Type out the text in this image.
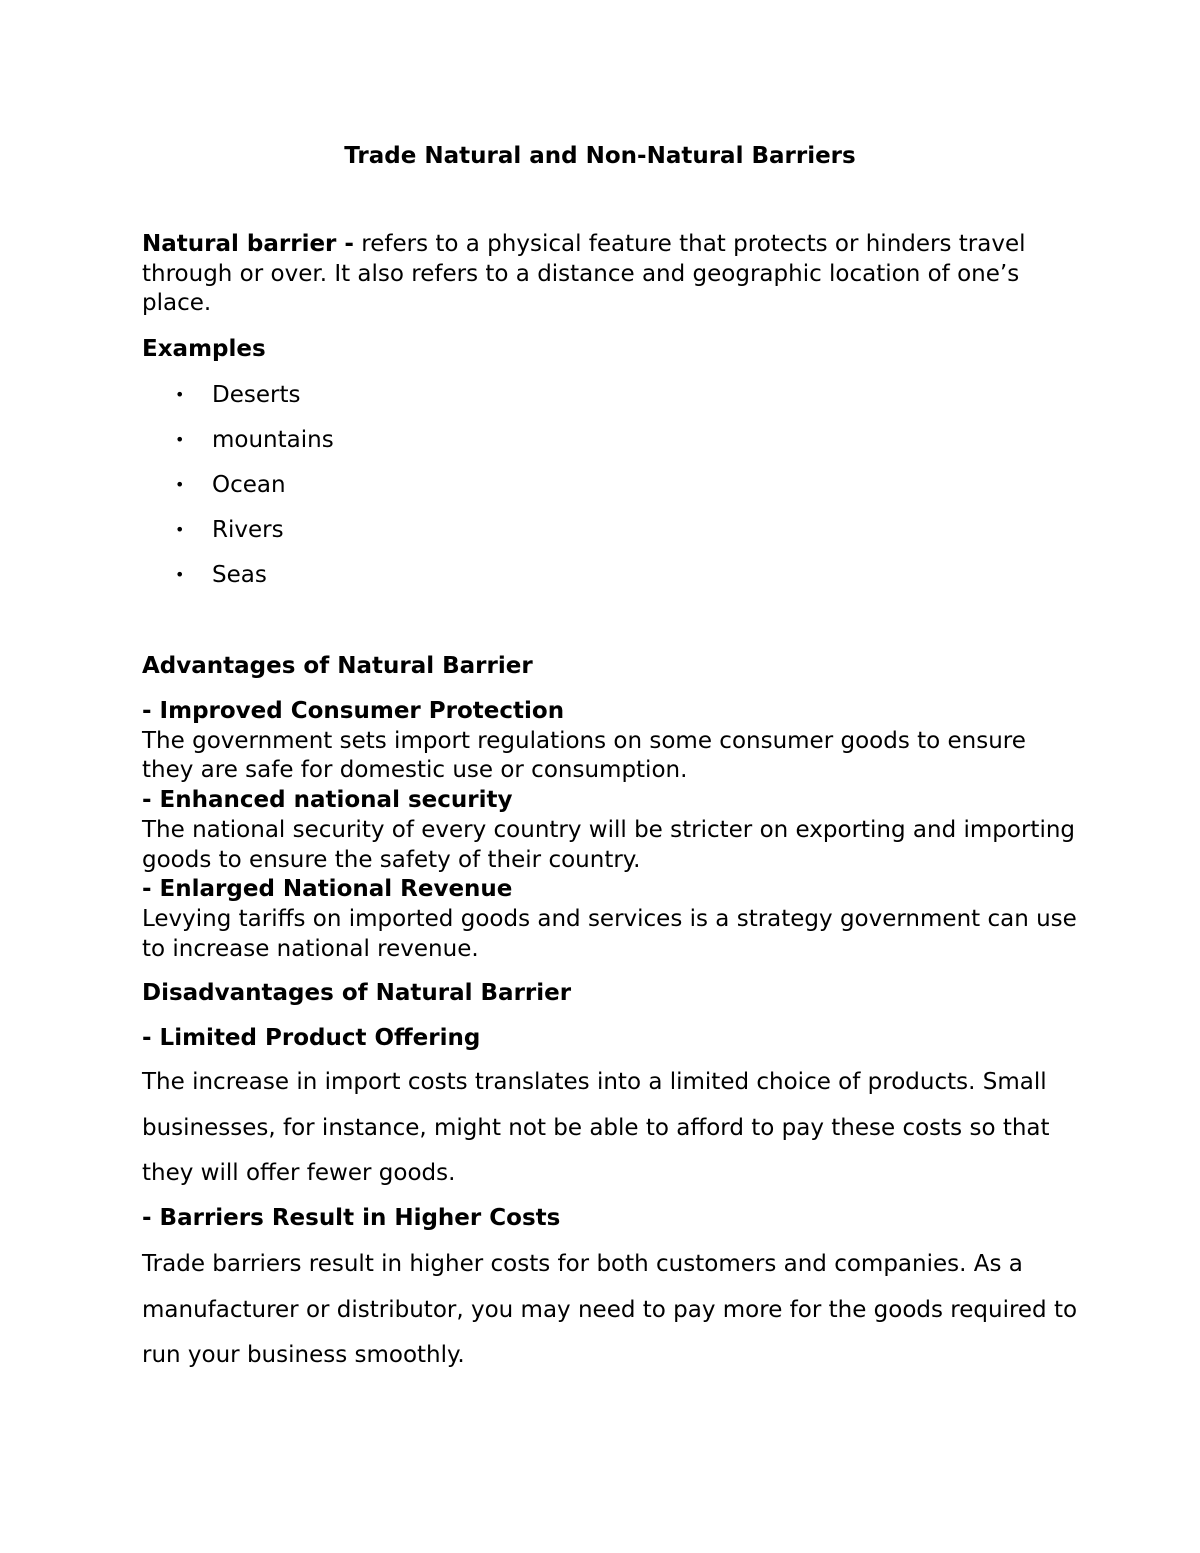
Trade Natural and Non-Natural Barriers

Natural barrier - refers to a physical feature that protects or hinders travel through or over. It also refers to a distance and geographic location of one’s place.

Examples

• Deserts
• mountains
• Ocean
• Rivers
• Seas

Advantages of Natural Barrier

- Improved Consumer Protection
The government sets import regulations on some consumer goods to ensure they are safe for domestic use or consumption.
- Enhanced national security
The national security of every country will be stricter on exporting and importing goods to ensure the safety of their country.
- Enlarged National Revenue
Levying tariffs on imported goods and services is a strategy government can use to increase national revenue.

Disadvantages of Natural Barrier

- Limited Product Offering

The increase in import costs translates into a limited choice of products. Small businesses, for instance, might not be able to afford to pay these costs so that they will offer fewer goods.

- Barriers Result in Higher Costs

Trade barriers result in higher costs for both customers and companies. As a manufacturer or distributor, you may need to pay more for the goods required to run your business smoothly.
